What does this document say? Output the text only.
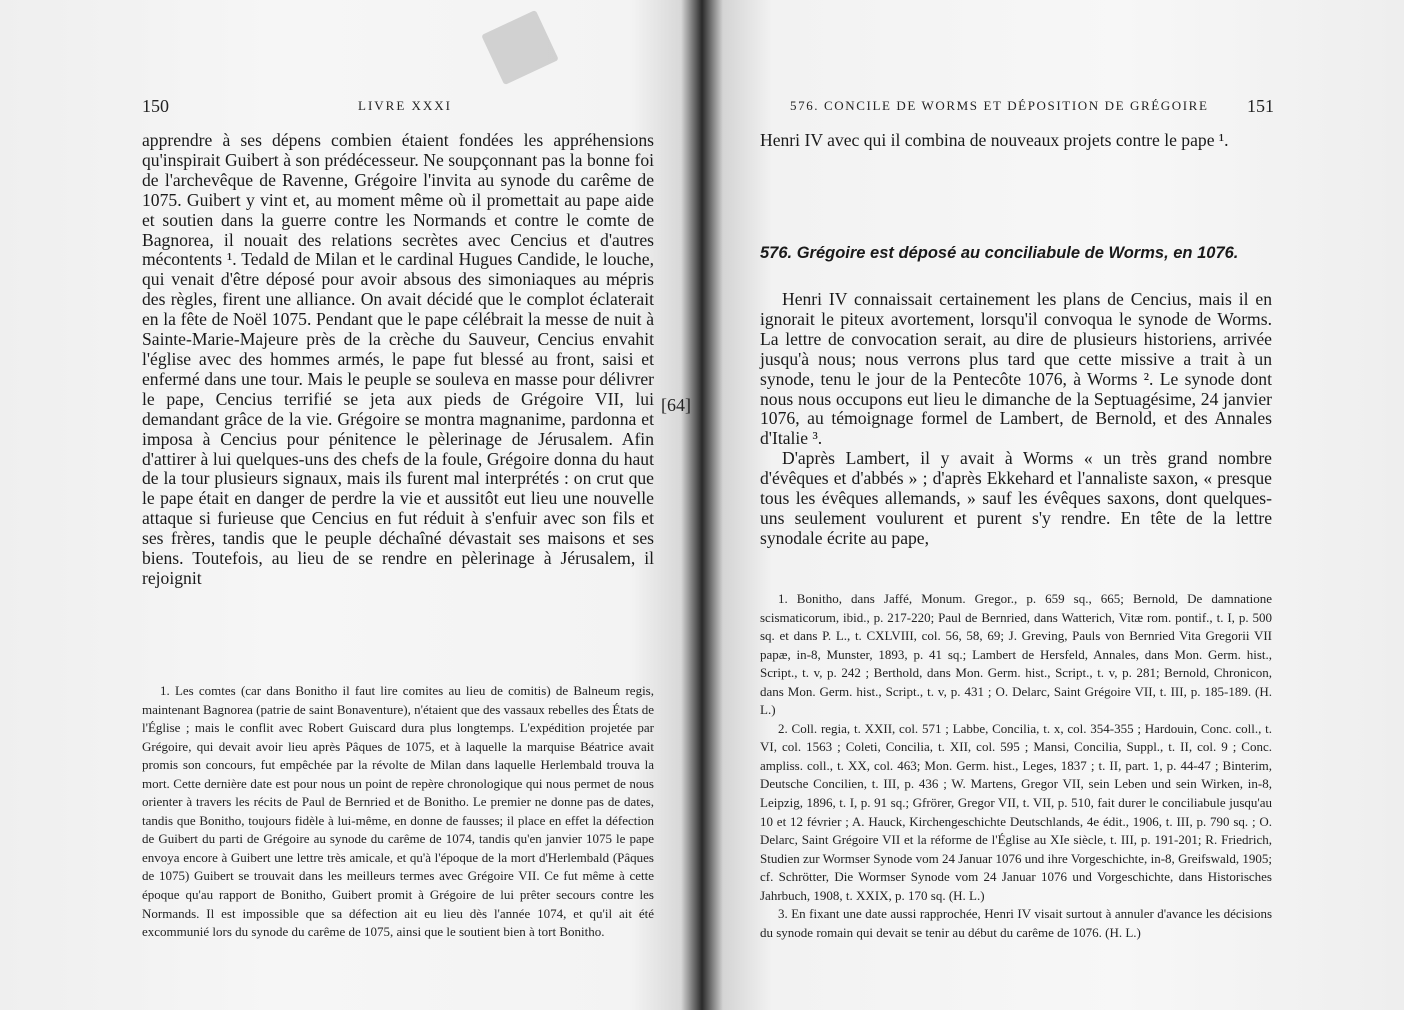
150	LIVRE XXXI

apprendre à ses dépens combien étaient fondées les appréhensions qu'inspirait Guibert à son prédécesseur. Ne soupçonnant pas la bonne foi de l'archevêque de Ravenne, Grégoire l'invita au synode du carême de 1075. Guibert y vint et, au moment même où il promettait au pape aide et soutien dans la guerre contre les Normands et contre le comte de Bagnorea, il nouait des relations secrètes avec Cencius et d'autres mécontents ¹. Tedald de Milan et le cardinal Hugues Candide, le louche, qui venait d'être déposé pour avoir absous des simoniaques au mépris des règles, firent une alliance. On avait décidé que le complot éclaterait en la fête de Noël 1075. Pendant que le pape célébrait la messe de nuit à Sainte-Marie-Majeure près de la crèche du Sauveur, Cencius envahit l'église avec des hommes armés, le pape fut blessé au front, saisi et enfermé dans une tour. Mais le peuple se souleva en masse pour délivrer le pape, Cencius terrifié se jeta aux pieds de Grégoire VII, lui demandant grâce de la vie. Grégoire se montra magnanime, pardonna et imposa à Cencius pour pénitence le pèlerinage de Jérusalem. Afin d'attirer à lui quelques-uns des chefs de la foule, Grégoire donna du haut de la tour plusieurs signaux, mais ils furent mal interprétés : on crut que le pape était en danger de perdre la vie et aussitôt eut lieu une nouvelle attaque si furieuse que Cencius en fut réduit à s'enfuir avec son fils et ses frères, tandis que le peuple déchaîné dévastait ses maisons et ses biens. Toutefois, au lieu de se rendre en pèlerinage à Jérusalem, il rejoignit

1. Les comtes (car dans Bonitho il faut lire comites au lieu de comitis) de Balneum regis, maintenant Bagnorea (patrie de saint Bonaventure), n'étaient que des vassaux rebelles des États de l'Église ; mais le conflit avec Robert Guiscard dura plus longtemps. L'expédition projetée par Grégoire, qui devait avoir lieu après Pâques de 1075, et à laquelle la marquise Béatrice avait promis son concours, fut empêchée par la révolte de Milan dans laquelle Herlembald trouva la mort. Cette dernière date est pour nous un point de repère chronologique qui nous permet de nous orienter à travers les récits de Paul de Bernried et de Bonitho. Le premier ne donne pas de dates, tandis que Bonitho, toujours fidèle à lui-même, en donne de fausses; il place en effet la défection de Guibert du parti de Grégoire au synode du carême de 1074, tandis qu'en janvier 1075 le pape envoya encore à Guibert une lettre très amicale, et qu'à l'époque de la mort d'Herlembald (Pâques de 1075) Guibert se trouvait dans les meilleurs termes avec Grégoire VII. Ce fut même à cette époque qu'au rapport de Bonitho, Guibert promit à Grégoire de lui prêter secours contre les Normands. Il est impossible que sa défection ait eu lieu dès l'année 1074, et qu'il ait été excommunié lors du synode du carême de 1075, ainsi que le soutient bien à tort Bonitho.

[64]
576. CONCILE DE WORMS ET DÉPOSITION DE GRÉGOIRE 151

Henri IV avec qui il combina de nouveaux projets contre le pape ¹.

576. Grégoire est déposé au conciliabule de Worms, en 1076.

Henri IV connaissait certainement les plans de Cencius, mais il en ignorait le piteux avortement, lorsqu'il convoqua le synode de Worms. La lettre de convocation serait, au dire de plusieurs historiens, arrivée jusqu'à nous; nous verrons plus tard que cette missive a trait à un synode, tenu le jour de la Pentecôte 1076, à Worms ². Le synode dont nous nous occupons eut lieu le dimanche de la Septuagésime, 24 janvier 1076, au témoignage formel de Lambert, de Bernold, et des Annales d'Italie ³.

D'après Lambert, il y avait à Worms « un très grand nombre d'évêques et d'abbés » ; d'après Ekkehard et l'annaliste saxon, « presque tous les évêques allemands, » sauf les évêques saxons, dont quelques-uns seulement voulurent et purent s'y rendre. En tête de la lettre synodale écrite au pape,

1. Bonitho, dans Jaffé, Monum. Gregor., p. 659 sq., 665; Bernold, De damnatione scismaticorum, ibid., p. 217-220; Paul de Bernried, dans Watterich, Vitæ rom. pontif., t. I, p. 500 sq. et dans P. L., t. CXLVIII, col. 56, 58, 69; J. Greving, Pauls von Bernried Vita Gregorii VII papæ, in-8, Munster, 1893, p. 41 sq.; Lambert de Hersfeld, Annales, dans Mon. Germ. hist., Script., t. v, p. 242 ; Berthold, dans Mon. Germ. hist., Script., t. v, p. 281; Bernold, Chronicon, dans Mon. Germ. hist., Script., t. v, p. 431 ; O. Delarc, Saint Grégoire VII, t. III, p. 185-189. (H. L.)

2. Coll. regia, t. XXII, col. 571 ; Labbe, Concilia, t. x, col. 354-355 ; Hardouin, Conc. coll., t. VI, col. 1563 ; Coleti, Concilia, t. XII, col. 595 ; Mansi, Concilia, Suppl., t. II, col. 9 ; Conc. ampliss. coll., t. XX, col. 463; Mon. Germ. hist., Leges, 1837 ; t. II, part. 1, p. 44-47 ; Binterim, Deutsche Concilien, t. III, p. 436 ; W. Martens, Gregor VII, sein Leben und sein Wirken, in-8, Leipzig, 1896, t. I, p. 91 sq.; Gfrörer, Gregor VII, t. VII, p. 510, fait durer le conciliabule jusqu'au 10 et 12 février ; A. Hauck, Kirchengeschichte Deutschlands, 4e édit., 1906, t. III, p. 790 sq. ; O. Delarc, Saint Grégoire VII et la réforme de l'Église au XIe siècle, t. III, p. 191-201; R. Friedrich, Studien zur Wormser Synode vom 24 Januar 1076 und ihre Vorgeschichte, in-8, Greifswald, 1905; cf. Schrötter, Die Wormser Synode vom 24 Januar 1076 und Vorgeschichte, dans Historisches Jahrbuch, 1908, t. XXIX, p. 170 sq. (H. L.)

3. En fixant une date aussi rapprochée, Henri IV visait surtout à annuler d'avance les décisions du synode romain qui devait se tenir au début du carême de 1076. (H. L.)
